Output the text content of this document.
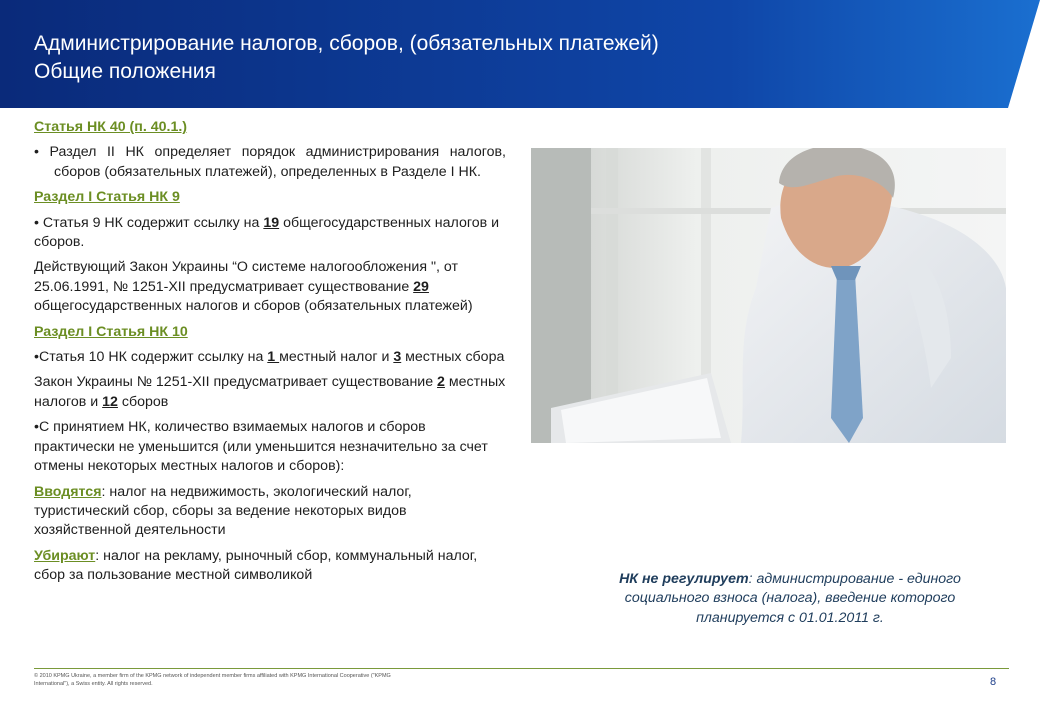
Администрирование налогов, сборов, (обязательных платежей)
Общие положения
Статья НК 40 (п. 40.1.)

• Раздел II НК определяет порядок администрирования налогов, сборов (обязательных платежей), определенных в Разделе I НК.

Раздел I Статья НК 9

• Статья 9 НК содержит ссылку на 19 общегосударственных налогов и сборов.

Действующий Закон Украины “О системе налогообложения ", от 25.06.1991, № 1251-XII предусматривает существование 29 общегосударственных налогов и сборов (обязательных платежей)

Раздел I Статья НК 10

•Статья 10 НК содержит ссылку на 1 местный налог и 3 местных сбора

Закон Украины № 1251-XII предусматривает существование 2 местных налогов и 12 сборов

•С принятием НК, количество взимаемых налогов и сборов практически не уменьшится (или уменьшится незначительно за счет отмены некоторых местных налогов и сборов):

Вводятся: налог на недвижимость, экологический налог, туристический сбор, сборы за ведение некоторых видов хозяйственной деятельности

Убирают: налог на рекламу, рыночный сбор, коммунальный налог, сбор за пользование местной символикой	НК не регулирует: администрирование - единого социального взноса (налога), введение которого планируется с 01.01.2011 г.
© 2010 KPMG Ukraine, a member firm of the KPMG network of independent member firms affiliated with KPMG International Cooperative ("KPMG International"), a Swiss entity. All rights reserved.	8
